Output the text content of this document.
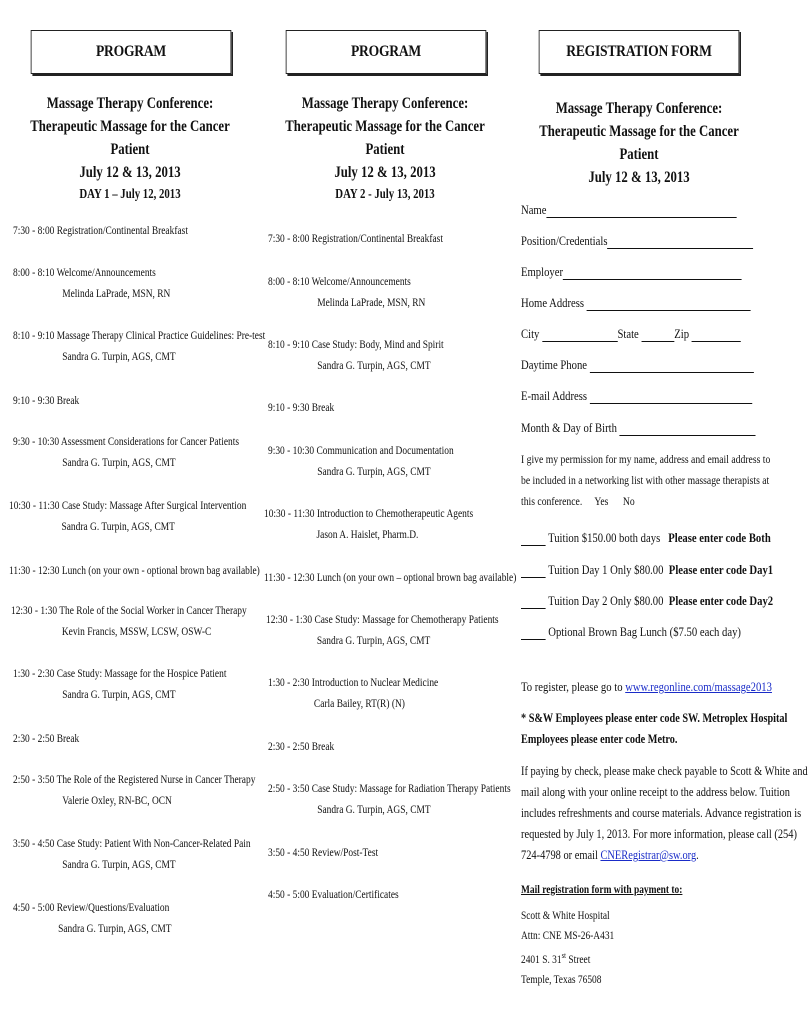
PROGRAM	PROGRAM	REGISTRATION FORM
Massage Therapy Conference:
Therapeutic Massage for the Cancer Patient
July 12 & 13, 2013
Massage Therapy Conference:
Therapeutic Massage for the Cancer Patient
July 12 & 13, 2013
Massage Therapy Conference:
Therapeutic Massage for the Cancer Patient
July 12 & 13, 2013
DAY 1 – July 12, 2013	DAY 2 - July 13, 2013
7:30 - 8:00 Registration/Continental Breakfast
8:00 - 8:10 Welcome/Announcements
Melinda LaPrade, MSN, RN
8:10 - 9:10 Massage Therapy Clinical Practice Guidelines: Pre-test
Sandra G. Turpin, AGS, CMT
9:10 - 9:30 Break
9:30 - 10:30 Assessment Considerations for Cancer Patients
Sandra G. Turpin, AGS, CMT
10:30 - 11:30 Case Study: Massage After Surgical Intervention
Sandra G. Turpin, AGS, CMT
11:30 - 12:30 Lunch (on your own - optional brown bag available)
12:30 - 1:30 The Role of the Social Worker in Cancer Therapy
Kevin Francis, MSSW, LCSW, OSW-C
1:30 - 2:30 Case Study: Massage for the Hospice Patient
Sandra G. Turpin, AGS, CMT
2:30 - 2:50 Break
2:50 - 3:50 The Role of the Registered Nurse in Cancer Therapy
Valerie Oxley, RN-BC, OCN
3:50 - 4:50 Case Study: Patient With Non-Cancer-Related Pain
Sandra G. Turpin, AGS, CMT
4:50 - 5:00 Review/Questions/Evaluation
Sandra G. Turpin, AGS, CMT
7:30 - 8:00 Registration/Continental Breakfast
8:00 - 8:10 Welcome/Announcements
Melinda LaPrade, MSN, RN
8:10 - 9:10 Case Study: Body, Mind and Spirit
Sandra G. Turpin, AGS, CMT
9:10 - 9:30 Break
9:30 - 10:30 Communication and Documentation
Sandra G. Turpin, AGS, CMT
10:30 - 11:30 Introduction to Chemotherapeutic Agents
Jason A. Haislet, Pharm.D.
11:30 - 12:30 Lunch (on your own – optional brown bag available)
12:30 - 1:30 Case Study: Massage for Chemotherapy Patients
Sandra G. Turpin, AGS, CMT
1:30 - 2:30 Introduction to Nuclear Medicine
Carla Bailey, RT(R) (N)
2:30 - 2:50 Break
2:50 - 3:50 Case Study: Massage for Radiation Therapy Patients
Sandra G. Turpin, AGS, CMT
3:50 - 4:50 Review/Post-Test
4:50 - 5:00 Evaluation/Certificates
Name
Position/Credentials
Employer
Home Address
City	State	Zip
Daytime Phone
E-mail Address
Month & Day of Birth
I give my permission for my name, address and email address to
be included in a networking list with other massage therapists at
this conference. Yes No
Tuition $150.00 both days Please enter code Both
Tuition Day 1 Only $80.00 Please enter code Day1
Tuition Day 2 Only $80.00 Please enter code Day2
Optional Brown Bag Lunch ($7.50 each day)
To register, please go to www.regonline.com/massage2013
* S&W Employees please enter code SW. Metroplex Hospital
Employees please enter code Metro.
If paying by check, please make check payable to Scott & White and
mail along with your online receipt to the address below. Tuition
includes refreshments and course materials. Advance registration is
requested by July 1, 2013. For more information, please call (254)
724-4798 or email CNERegistrar@sw.org.
Mail registration form with payment to:
Scott & White Hospital
Attn: CNE MS-26-A431
2401 S. 31st Street
Temple, Texas 76508
